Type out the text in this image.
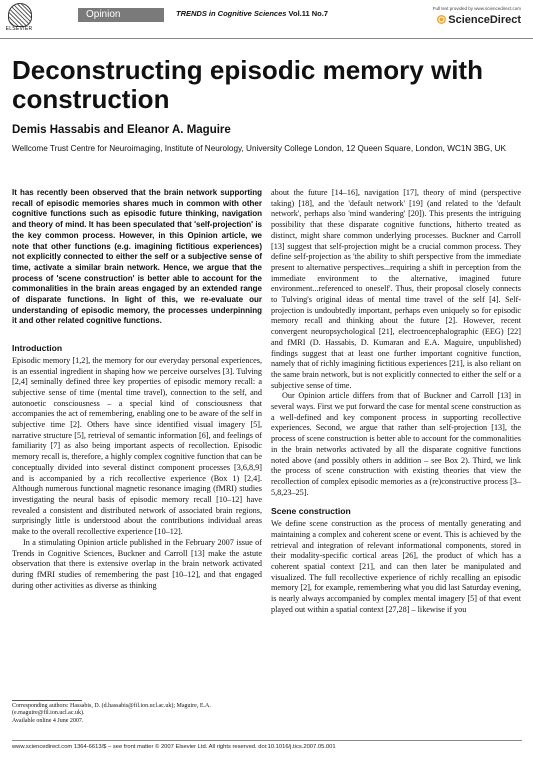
ELSEVIER
Opinion	TRENDS in Cognitive Sciences Vol.11 No.7
Full text provided by www.sciencedirect.com
ScienceDirect
Deconstructing episodic memory with construction
Demis Hassabis and Eleanor A. Maguire
Wellcome Trust Centre for Neuroimaging, Institute of Neurology, University College London, 12 Queen Square, London, WC1N 3BG, UK

It has recently been observed that the brain network supporting recall of episodic memories shares much in common with other cognitive functions such as episodic future thinking, navigation and theory of mind. It has been speculated that 'self-projection' is the key common process. However, in this Opinion article, we note that other functions (e.g. imagining fictitious experiences) not explicitly connected to either the self or a subjective sense of time, activate a similar brain network. Hence, we argue that the process of 'scene construction' is better able to account for the commonalities in the brain areas engaged by an extended range of disparate functions. In light of this, we re-evaluate our understanding of episodic memory, the processes underpinning it and other related cognitive functions.

Introduction

Episodic memory [1,2], the memory for our everyday personal experiences, is an essential ingredient in shaping how we perceive ourselves [3]. Tulving [2,4] seminally defined three key properties of episodic memory recall: a subjective sense of time (mental time travel), connection to the self, and autonoetic consciousness – a special kind of consciousness that accompanies the act of remembering, enabling one to be aware of the self in subjective time [2]. Others have since identified visual imagery [5], narrative structure [5], retrieval of semantic information [6], and feelings of familiarity [7] as also being important aspects of recollection. Episodic memory recall is, therefore, a highly complex cognitive function that can be conceptually divided into several distinct component processes [3,6,8,9] and is accompanied by a rich recollective experience (Box 1) [2,4]. Although numerous functional magnetic resonance imaging (fMRI) studies investigating the neural basis of episodic memory recall [10–12] have revealed a consistent and distributed network of associated brain regions, surprisingly little is understood about the contributions individual areas make to the overall recollective experience [10–12].

In a stimulating Opinion article published in the February 2007 issue of Trends in Cognitive Sciences, Buckner and Carroll [13] make the astute observation that there is extensive overlap in the brain network activated during fMRI studies of remembering the past [10–12], and that engaged during other activities as diverse as thinking

about the future [14–16], navigation [17], theory of mind (perspective taking) [18], and the 'default network' [19] (and related to the 'default network', perhaps also 'mind wandering' [20]). This presents the intriguing possibility that these disparate cognitive functions, hitherto treated as distinct, might share common underlying processes. Buckner and Carroll [13] suggest that self-projection might be a crucial common process. They define self-projection as 'the ability to shift perspective from the immediate present to alternative perspectives...requiring a shift in perception from the immediate environment to the alternative, imagined future environment...referenced to oneself'. Thus, their proposal closely connects to Tulving's original ideas of mental time travel of the self [4]. Self-projection is undoubtedly important, perhaps even uniquely so for episodic memory recall and thinking about the future [2]. However, recent convergent neuropsychological [21], electroencephalographic (EEG) [22] and fMRI (D. Hassabis, D. Kumaran and E.A. Maguire, unpublished) findings suggest that at least one further important cognitive function, namely that of richly imagining fictitious experiences [21], is also reliant on the same brain network, but is not explicitly connected to either the self or a subjective sense of time.

Our Opinion article differs from that of Buckner and Carroll [13] in several ways. First we put forward the case for mental scene construction as a well-defined and key component process in supporting recollective experiences. Second, we argue that rather than self-projection [13], the process of scene construction is better able to account for the commonalities in the brain networks activated by all the disparate cognitive functions noted above (and possibly others in addition – see Box 2). Third, we link the process of scene construction with existing theories that view the recollection of complex episodic memories as a (re)constructive process [3–5,8,23–25].

Scene construction

We define scene construction as the process of mentally generating and maintaining a complex and coherent scene or event. This is achieved by the retrieval and integration of relevant informational components, stored in their modality-specific cortical areas [26], the product of which has a coherent spatial context [21], and can then later be manipulated and visualized. The full recollective experience of richly recalling an episodic memory [2], for example, remembering what you did last Saturday evening, is nearly always accompanied by complex mental imagery [5] of that event played out within a spatial context [27,28] – likewise if you

Corresponding authors: Hassabis, D. (d.hassabis@fil.ion.ucl.ac.uk); Maguire, E.A. (e.maguire@fil.ion.ucl.ac.uk).
Available online 4 June 2007.
www.sciencedirect.com 1364-6613/$ – see front matter © 2007 Elsevier Ltd. All rights reserved. doi:10.1016/j.tics.2007.05.001
